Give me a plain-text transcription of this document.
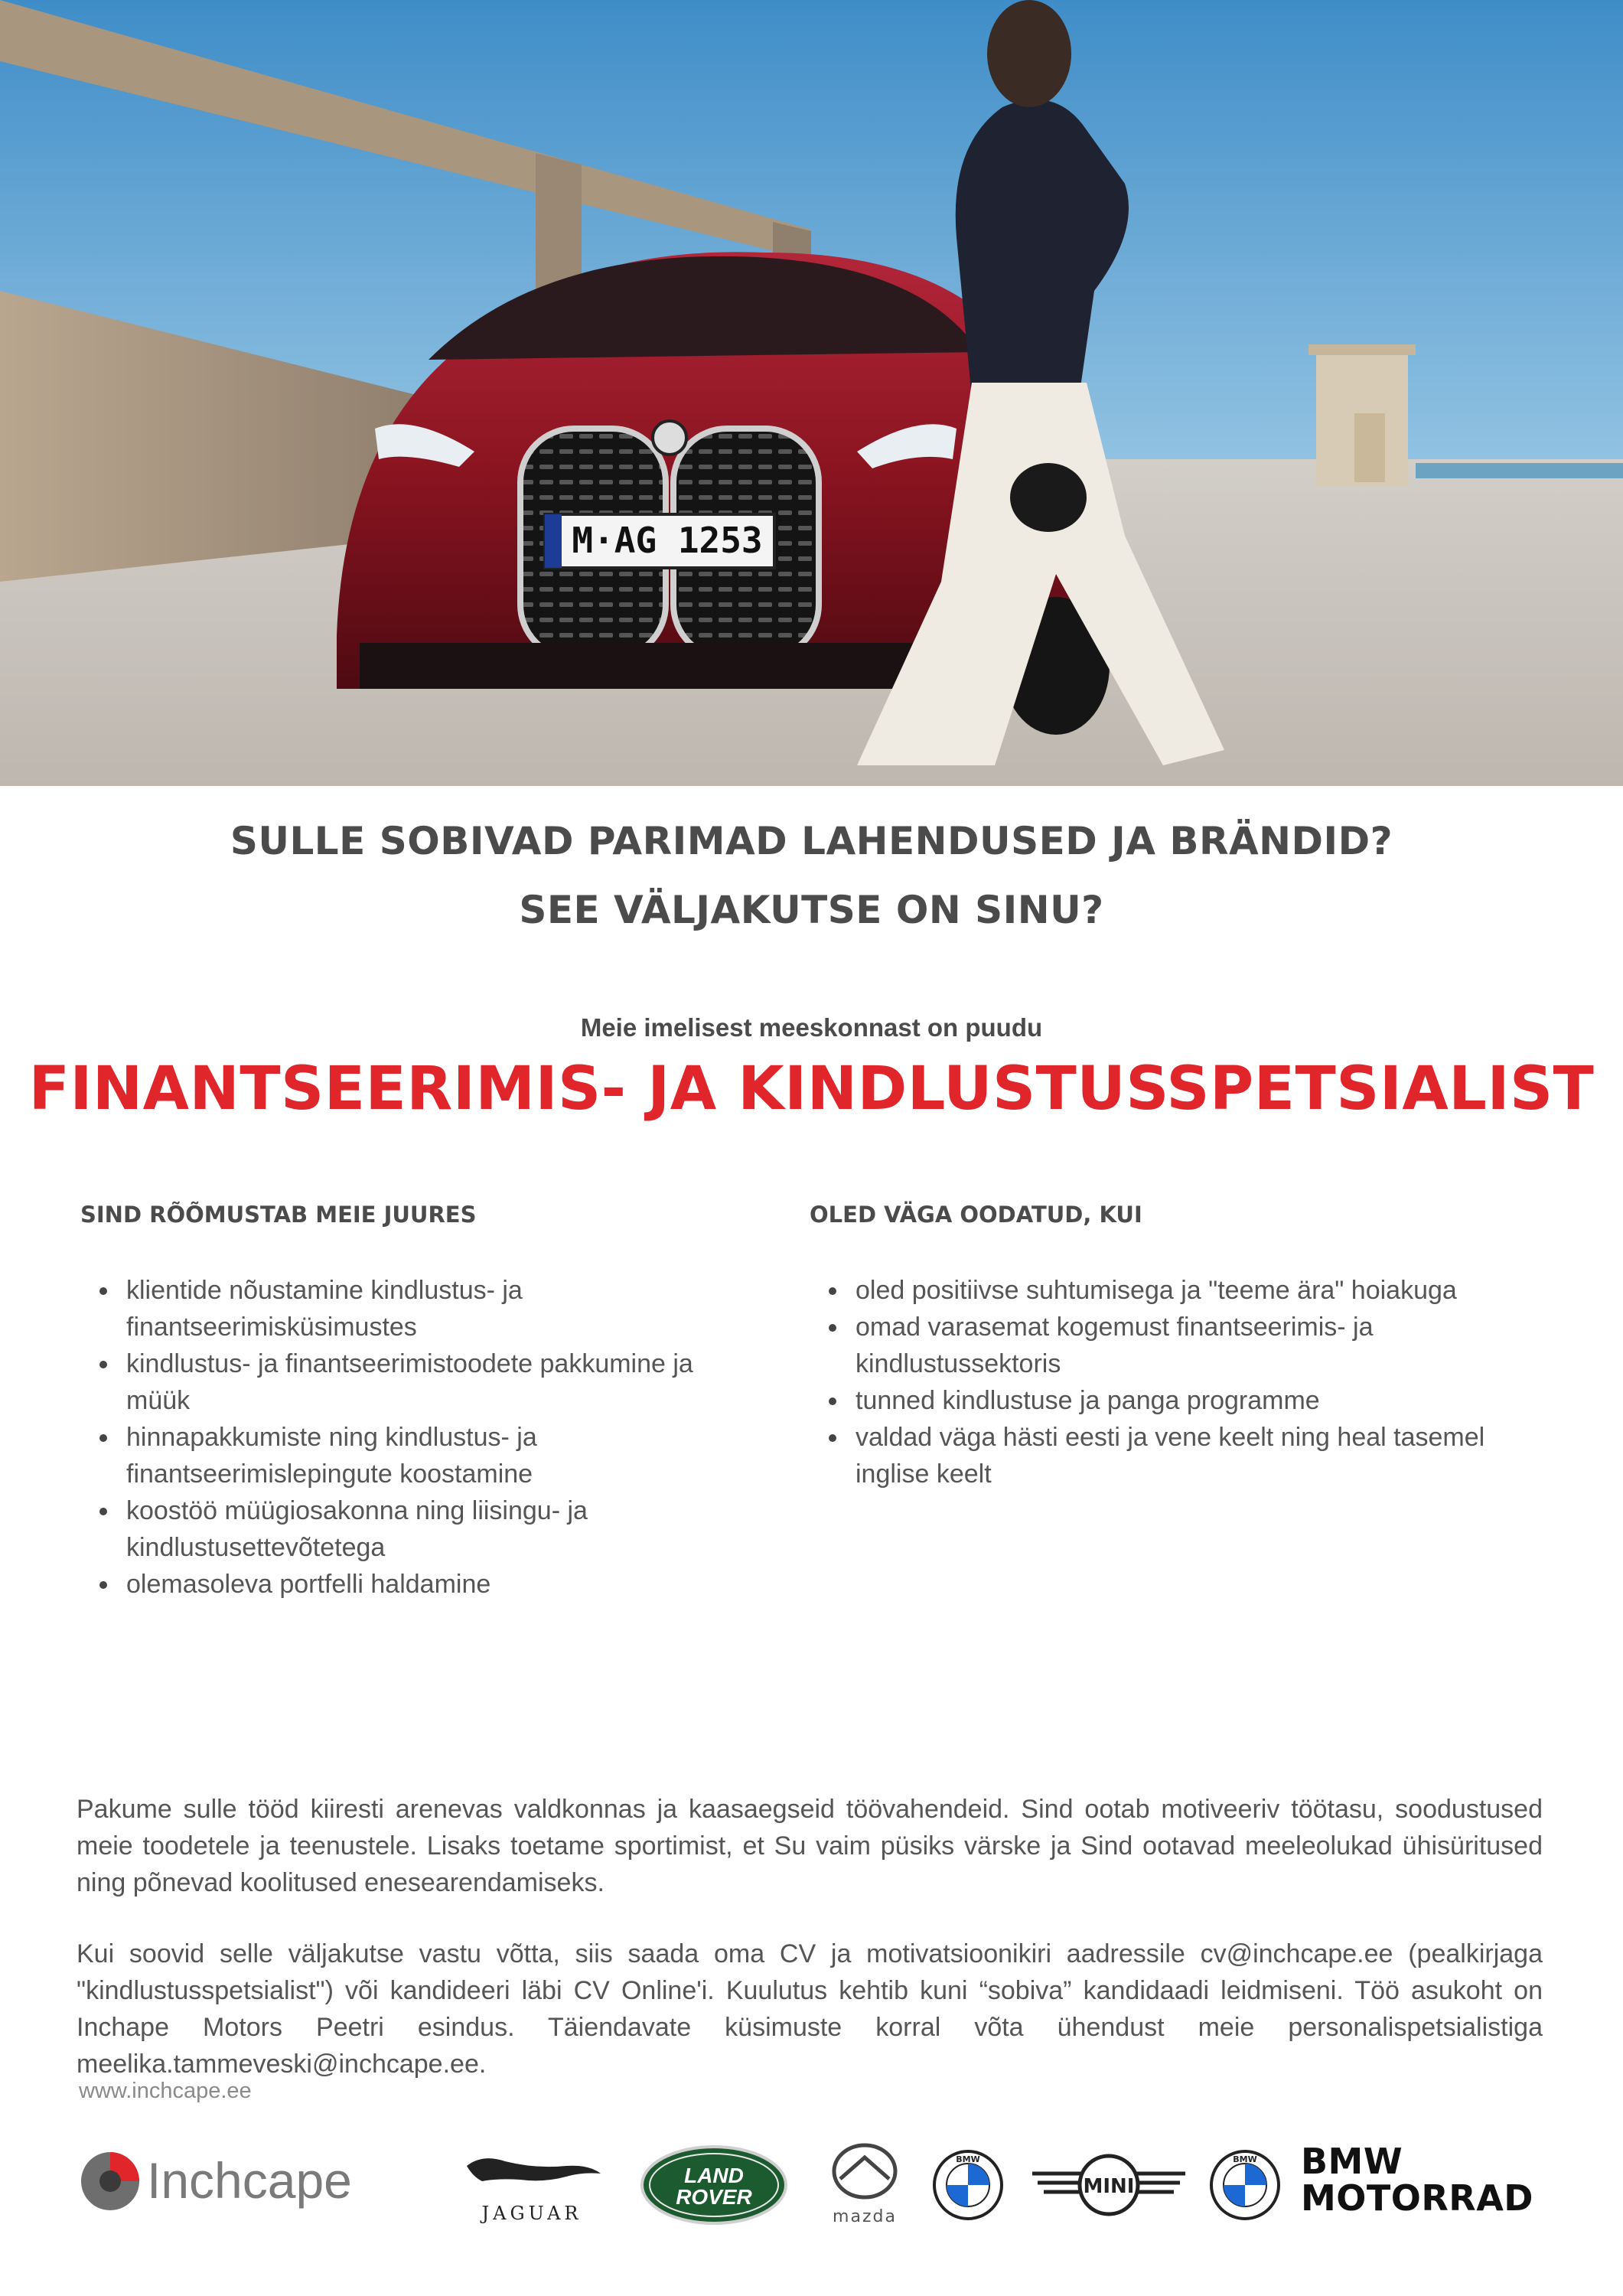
M·AG 1253
SULLE SOBIVAD PARIMAD LAHENDUSED JA BRÄNDID?
SEE VÄLJAKUTSE ON SINU?
Meie imelisest meeskonnast on puudu
FINANTSEERIMIS- JA KINDLUSTUSSPETSIALIST
SIND RÕÕMUSTAB MEIE JUURES
klientide nõustamine kindlustus- ja finantseerimisküsimustes
kindlustus- ja finantseerimistoodete pakkumine ja müük
hinnapakkumiste ning kindlustus- ja finantseerimislepingute koostamine
koostöö müügiosakonna ning liisingu- ja kindlustusettevõtetega
olemasoleva portfelli haldamine
OLED VÄGA OODATUD, KUI
oled positiivse suhtumisega ja "teeme ära" hoiakuga
omad varasemat kogemust finantseerimis- ja kindlustussektoris
tunned kindlustuse ja panga programme
valdad väga hästi eesti ja vene keelt ning heal tasemel inglise keelt

Pakume sulle tööd kiiresti arenevas valdkonnas ja kaasaegseid töövahendeid. Sind ootab motiveeriv töötasu, soodustused meie toodetele ja teenustele. Lisaks toetame sportimist, et Su vaim püsiks värske ja Sind ootavad meeleolukad ühisüritused ning põnevad koolitused enesearendamiseks.

Kui soovid selle väljakutse vastu võtta, siis saada oma CV ja motivatsioonikiri aadressile cv@inchcape.ee (pealkirjaga "kindlustusspetsialist") või kandideeri läbi CV Online'i. Kuulutus kehtib kuni “sobiva” kandidaadi leidmiseni. Töö asukoht on Inchape Motors Peetri esindus. Täiendavate küsimuste korral võta ühendust meie personalispetsialistiga meelika.tammeveski@inchcape.ee.

www.inchcape.ee
Inchcape
JAGUAR
LAND
ROVER
mazda
BMW
MINI
BMW BMW
MOTORRAD
